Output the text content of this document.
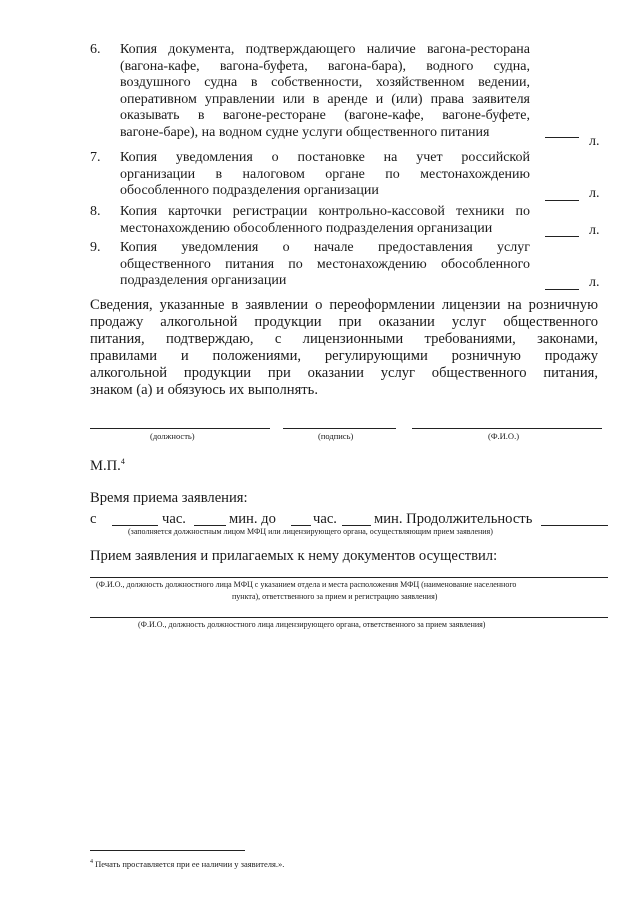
6. Копия документа, подтверждающего наличие вагона-ресторана
(вагона-кафе, вагона-буфета, вагона-бара), водного судна,
воздушного судна в собственности, хозяйственном ведении,
оперативном управлении или в аренде и (или) права заявителя
оказывать в вагоне-ресторане (вагоне-кафе, вагоне-буфете,
вагоне-баре), на водном судне услуги общественного питания
л.
7. Копия уведомления о постановке на учет российской
организации в налоговом органе по местонахождению
обособленного подразделения организации	л.
8. Копия карточки регистрации контрольно-кассовой техники по
местонахождению обособленного подразделения организации	л.
9. Копия уведомления о начале предоставления услуг
общественного питания по местонахождению обособленного
подразделения организации	л.
Сведения, указанные в заявлении о переоформлении лицензии на розничную
продажу алкогольной продукции при оказании услуг общественного
питания, подтверждаю, с лицензионными требованиями, законами,
правилами и положениями, регулирующими розничную продажу
алкогольной продукции при оказании услуг общественного питания,
знаком (а) и обязуюсь их выполнять.
(должность)	(подпись)	(Ф.И.О.)
М.П.$^4$
Время приема заявления:
с	час.	мин. до	час.	мин. Продолжительность
(заполняется должностным лицом МФЦ или лицензирующего органа, осуществляющим прием заявления)
Прием заявления и прилагаемых к нему документов осуществил:
(Ф.И.О., должность должностного лица МФЦ с указанием отдела и места расположения МФЦ (наименование населенного
пункта), ответственного за прием и регистрацию заявления)
(Ф.И.О., должность должностного лица лицензирующего органа, ответственного за прием заявления)
$^4$ Печать проставляется при ее наличии у заявителя.».
